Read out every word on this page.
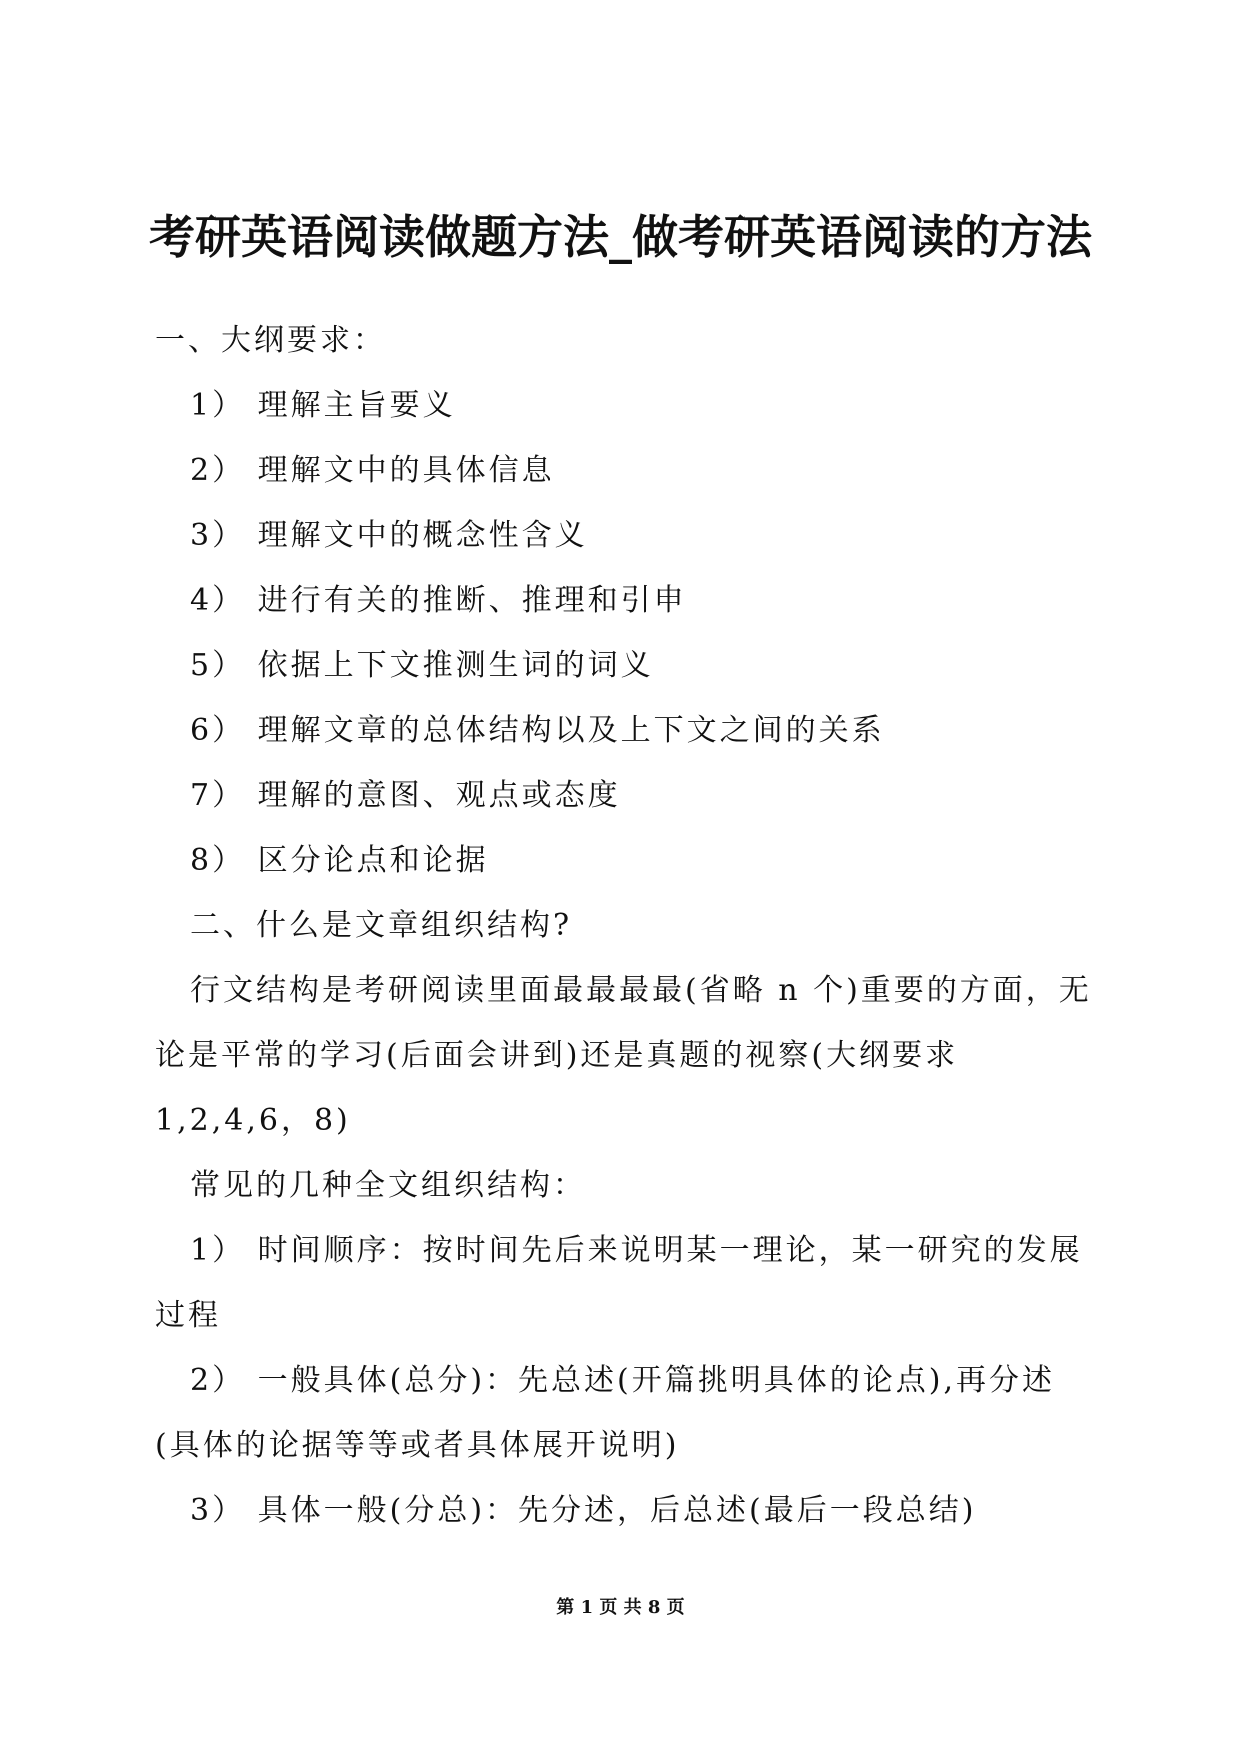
考研英语阅读做题方法_做考研英语阅读的方法

一、大纲要求：

1） 理解主旨要义

2） 理解文中的具体信息

3） 理解文中的概念性含义

4） 进行有关的推断、推理和引申

5） 依据上下文推测生词的词义

6） 理解文章的总体结构以及上下文之间的关系

7） 理解的意图、观点或态度

8） 区分论点和论据

二、什么是文章组织结构?

行文结构是考研阅读里面最最最最(省略 n 个)重要的方面，无论是平常的学习(后面会讲到)还是真题的视察(大纲要求 1,2,4,6，8)

常见的几种全文组织结构：

1） 时间顺序：按时间先后来说明某一理论，某一研究的发展过程

2） 一般具体(总分)：先总述(开篇挑明具体的论点),再分述(具体的论据等等或者具体展开说明)

3） 具体一般(分总)：先分述，后总述(最后一段总结)

第 1 页 共 8 页
